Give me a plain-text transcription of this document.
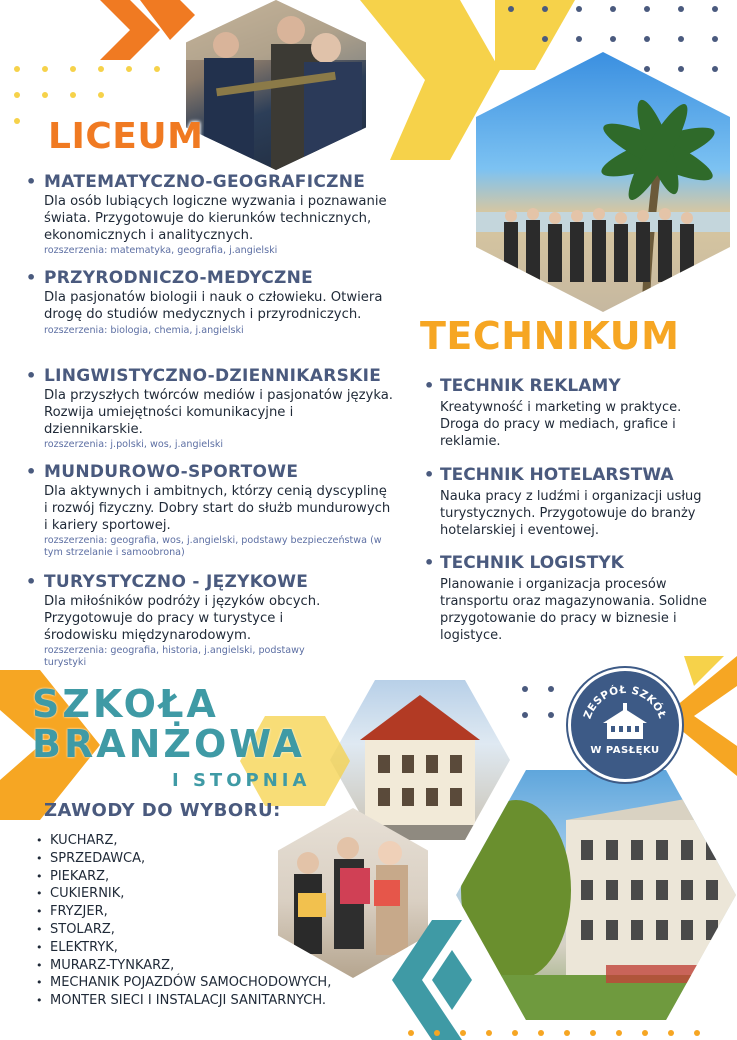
LICEUM
• MATEMATYCZNO-GEOGRAFICZNE
Dla osób lubiących logiczne wyzwania i poznawanie świata. Przygotowuje do kierunków technicznych, ekonomicznych i analitycznych.
rozszerzenia: matematyka, geografia, j.angielski
• PRZYRODNICZO-MEDYCZNE
Dla pasjonatów biologii i nauk o człowieku. Otwiera drogę do studiów medycznych i przyrodniczych.
rozszerzenia: biologia, chemia, j.angielski
• LINGWISTYCZNO-DZIENNIKARSKIE
Dla przyszłych twórców mediów i pasjonatów języka. Rozwija umiejętności komunikacyjne i dziennikarskie.
rozszerzenia: j.polski, wos, j.angielski
• MUNDUROWO-SPORTOWE
Dla aktywnych i ambitnych, którzy cenią dyscyplinę i rozwój fizyczny. Dobry start do służb mundurowych i kariery sportowej.
rozszerzenia: geografia, wos, j.angielski, podstawy bezpieczeństwa (w tym strzelanie i samoobrona)
• TURYSTYCZNO - JĘZYKOWE
Dla miłośników podróży i języków obcych. Przygotowuje do pracy w turystyce i środowisku międzynarodowym.
rozszerzenia: geografia, historia, j.angielski, podstawy turystyki
TECHNIKUM
• TECHNIK REKLAMY
Kreatywność i marketing w praktyce. Droga do pracy w mediach, grafice i reklamie.
• TECHNIK HOTELARSTWA
Nauka pracy z ludźmi i organizacji usług turystycznych. Przygotowuje do branży hotelarskiej i eventowej.
• TECHNIK LOGISTYK
Planowanie i organizacja procesów transportu oraz magazynowania. Solidne przygotowanie do pracy w biznesie i logistyce.
SZKOŁA
BRANŻOWA
I STOPNIA
ZAWODY DO WYBORU:
• KUCHARZ,
• SPRZEDAWCA,
• PIEKARZ,
• CUKIERNIK,
• FRYZJER,
• STOLARZ,
• ELEKTRYK,
• MURARZ-TYNKARZ,
• MECHANIK POJAZDÓW SAMOCHODOWYCH,
• MONTER SIECI I INSTALACJI SANITARNYCH.
ZESPÓŁ SZKÓŁ
W PASŁĘKU
